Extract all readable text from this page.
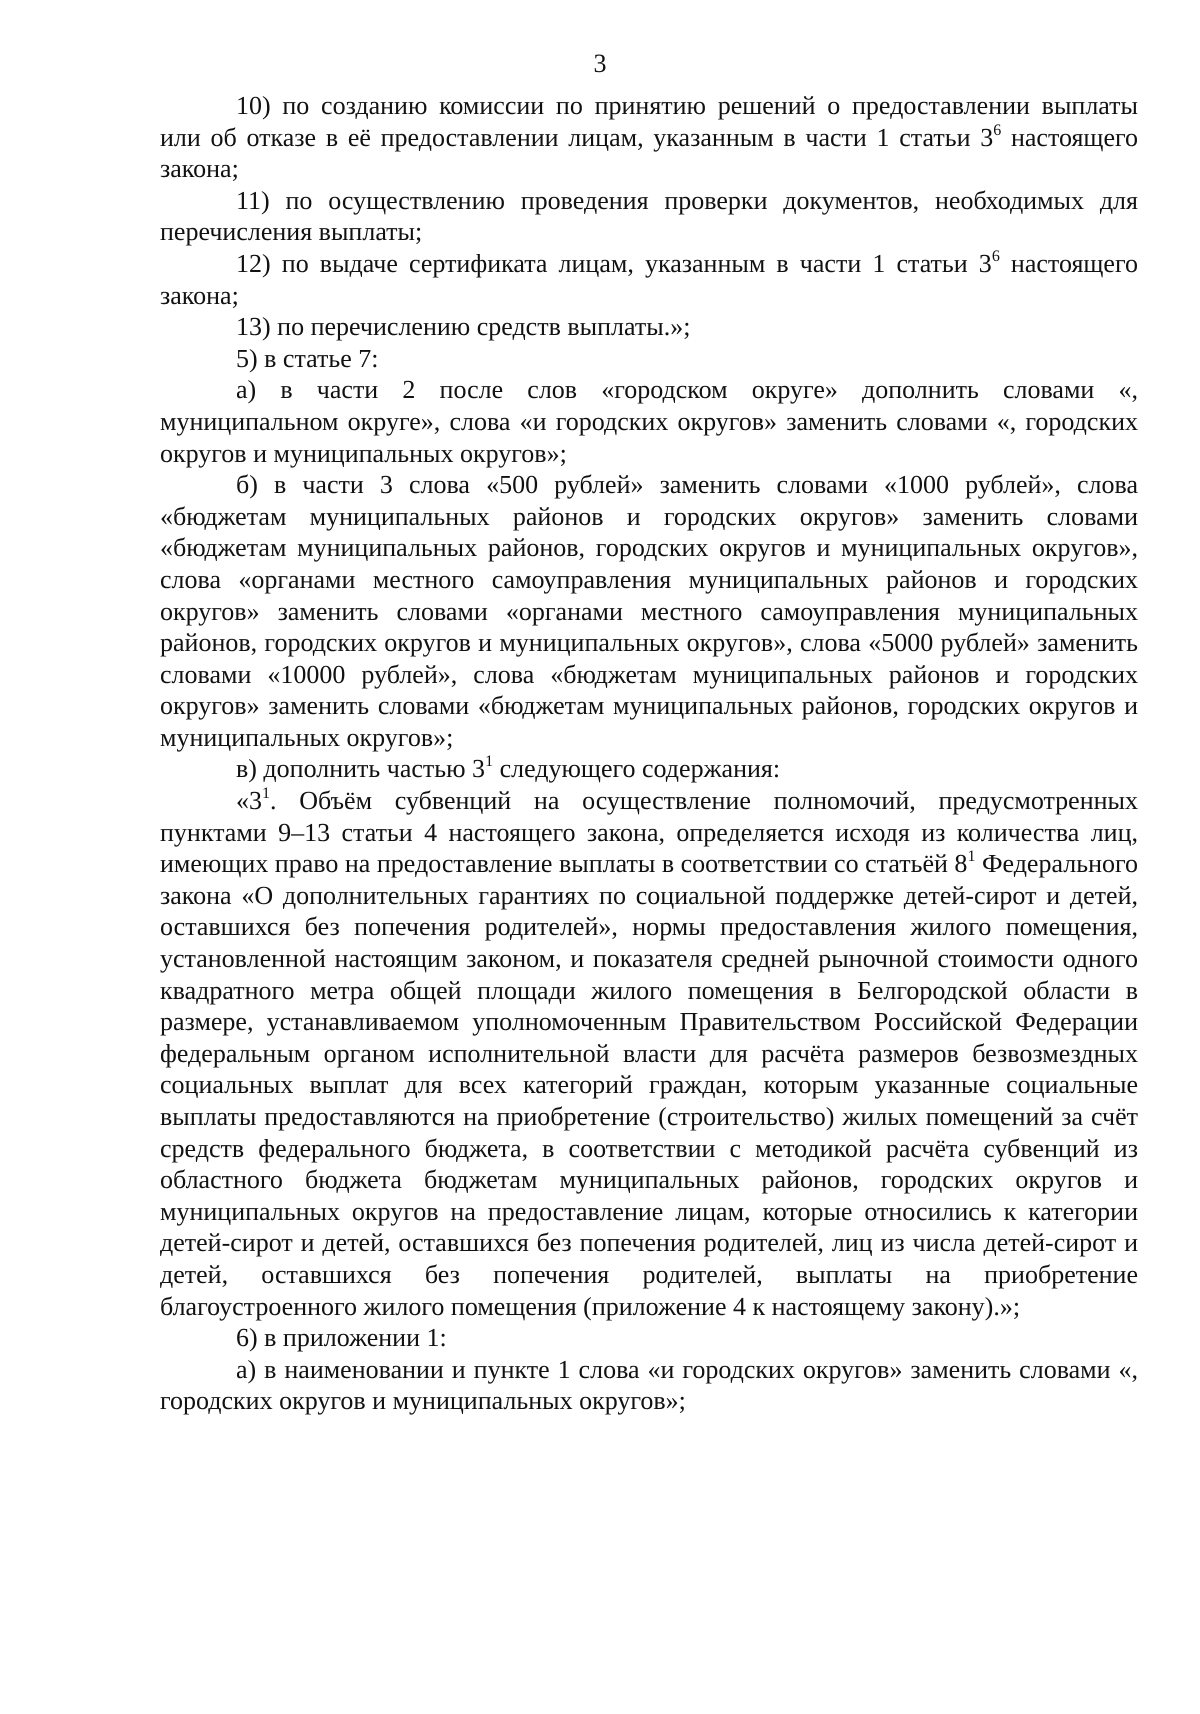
3

10) по созданию комиссии по принятию решений о предоставлении выплаты или об отказе в её предоставлении лицам, указанным в части 1 статьи $3^6$ настоящего закона;

11) по осуществлению проведения проверки документов, необходимых для перечисления выплаты;

12) по выдаче сертификата лицам, указанным в части 1 статьи $3^6$ настоящего закона;

13) по перечислению средств выплаты.»;

5) в статье 7:

а) в части 2 после слов «городском округе» дополнить словами «, муниципальном округе», слова «и городских округов» заменить словами «, городских округов и муниципальных округов»;

б) в части 3 слова «500 рублей» заменить словами «1000 рублей», слова «бюджетам муниципальных районов и городских округов» заменить словами «бюджетам муниципальных районов, городских округов и муниципальных округов», слова «органами местного самоуправления муниципальных районов и городских округов» заменить словами «органами местного самоуправления муниципальных районов, городских округов и муниципальных округов», слова «5000 рублей» заменить словами «10000 рублей», слова «бюджетам муниципальных районов и городских округов» заменить словами «бюджетам муниципальных районов, городских округов и муниципальных округов»;

в) дополнить частью $3^1$ следующего содержания:

«$3^1$. Объём субвенций на осуществление полномочий, предусмотренных пунктами 9–13 статьи 4 настоящего закона, определяется исходя из количества лиц, имеющих право на предоставление выплаты в соответствии со статьёй $8^1$ Федерального закона «О дополнительных гарантиях по социальной поддержке детей-сирот и детей, оставшихся без попечения родителей», нормы предоставления жилого помещения, установленной настоящим законом, и показателя средней рыночной стоимости одного квадратного метра общей площади жилого помещения в Белгородской области в размере, устанавливаемом уполномоченным Правительством Российской Федерации федеральным органом исполнительной власти для расчёта размеров безвозмездных социальных выплат для всех категорий граждан, которым указанные социальные выплаты предоставляются на приобретение (строительство) жилых помещений за счёт средств федерального бюджета, в соответствии с методикой расчёта субвенций из областного бюджета бюджетам муниципальных районов, городских округов и муниципальных округов на предоставление лицам, которые относились к категории детей-сирот и детей, оставшихся без попечения родителей, лиц из числа детей-сирот и детей, оставшихся без попечения родителей, выплаты на приобретение благоустроенного жилого помещения (приложение 4 к настоящему закону).»;

6) в приложении 1:

а) в наименовании и пункте 1 слова «и городских округов» заменить словами «, городских округов и муниципальных округов»;
